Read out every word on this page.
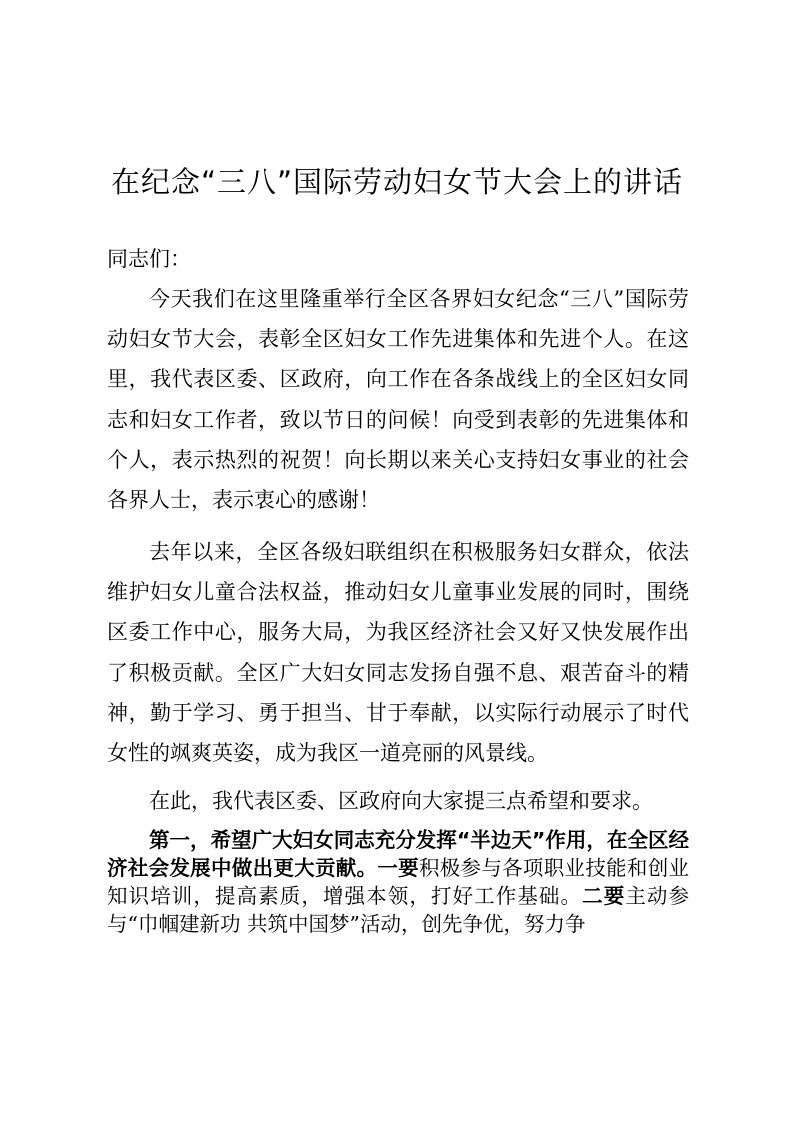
在纪念“三八”国际劳动妇女节大会上的讲话
同志们：

今天我们在这里隆重举行全区各界妇女纪念“三八”国际劳动妇女节大会，表彰全区妇女工作先进集体和先进个人。在这里，我代表区委、区政府，向工作在各条战线上的全区妇女同志和妇女工作者，致以节日的问候！向受到表彰的先进集体和个人，表示热烈的祝贺！向长期以来关心支持妇女事业的社会各界人士，表示衷心的感谢！

去年以来，全区各级妇联组织在积极服务妇女群众，依法维护妇女儿童合法权益，推动妇女儿童事业发展的同时，围绕区委工作中心，服务大局，为我区经济社会又好又快发展作出了积极贡献。全区广大妇女同志发扬自强不息、艰苦奋斗的精神，勤于学习、勇于担当、甘于奉献，以实际行动展示了时代女性的飒爽英姿，成为我区一道亮丽的风景线。

在此，我代表区委、区政府向大家提三点希望和要求。

第一，希望广大妇女同志充分发挥“半边天”作用，在全区经济社会发展中做出更大贡献。一要积极参与各项职业技能和创业知识培训，提高素质，增强本领，打好工作基础。二要主动参与“巾帼建新功 共筑中国梦”活动，创先争优，努力争
